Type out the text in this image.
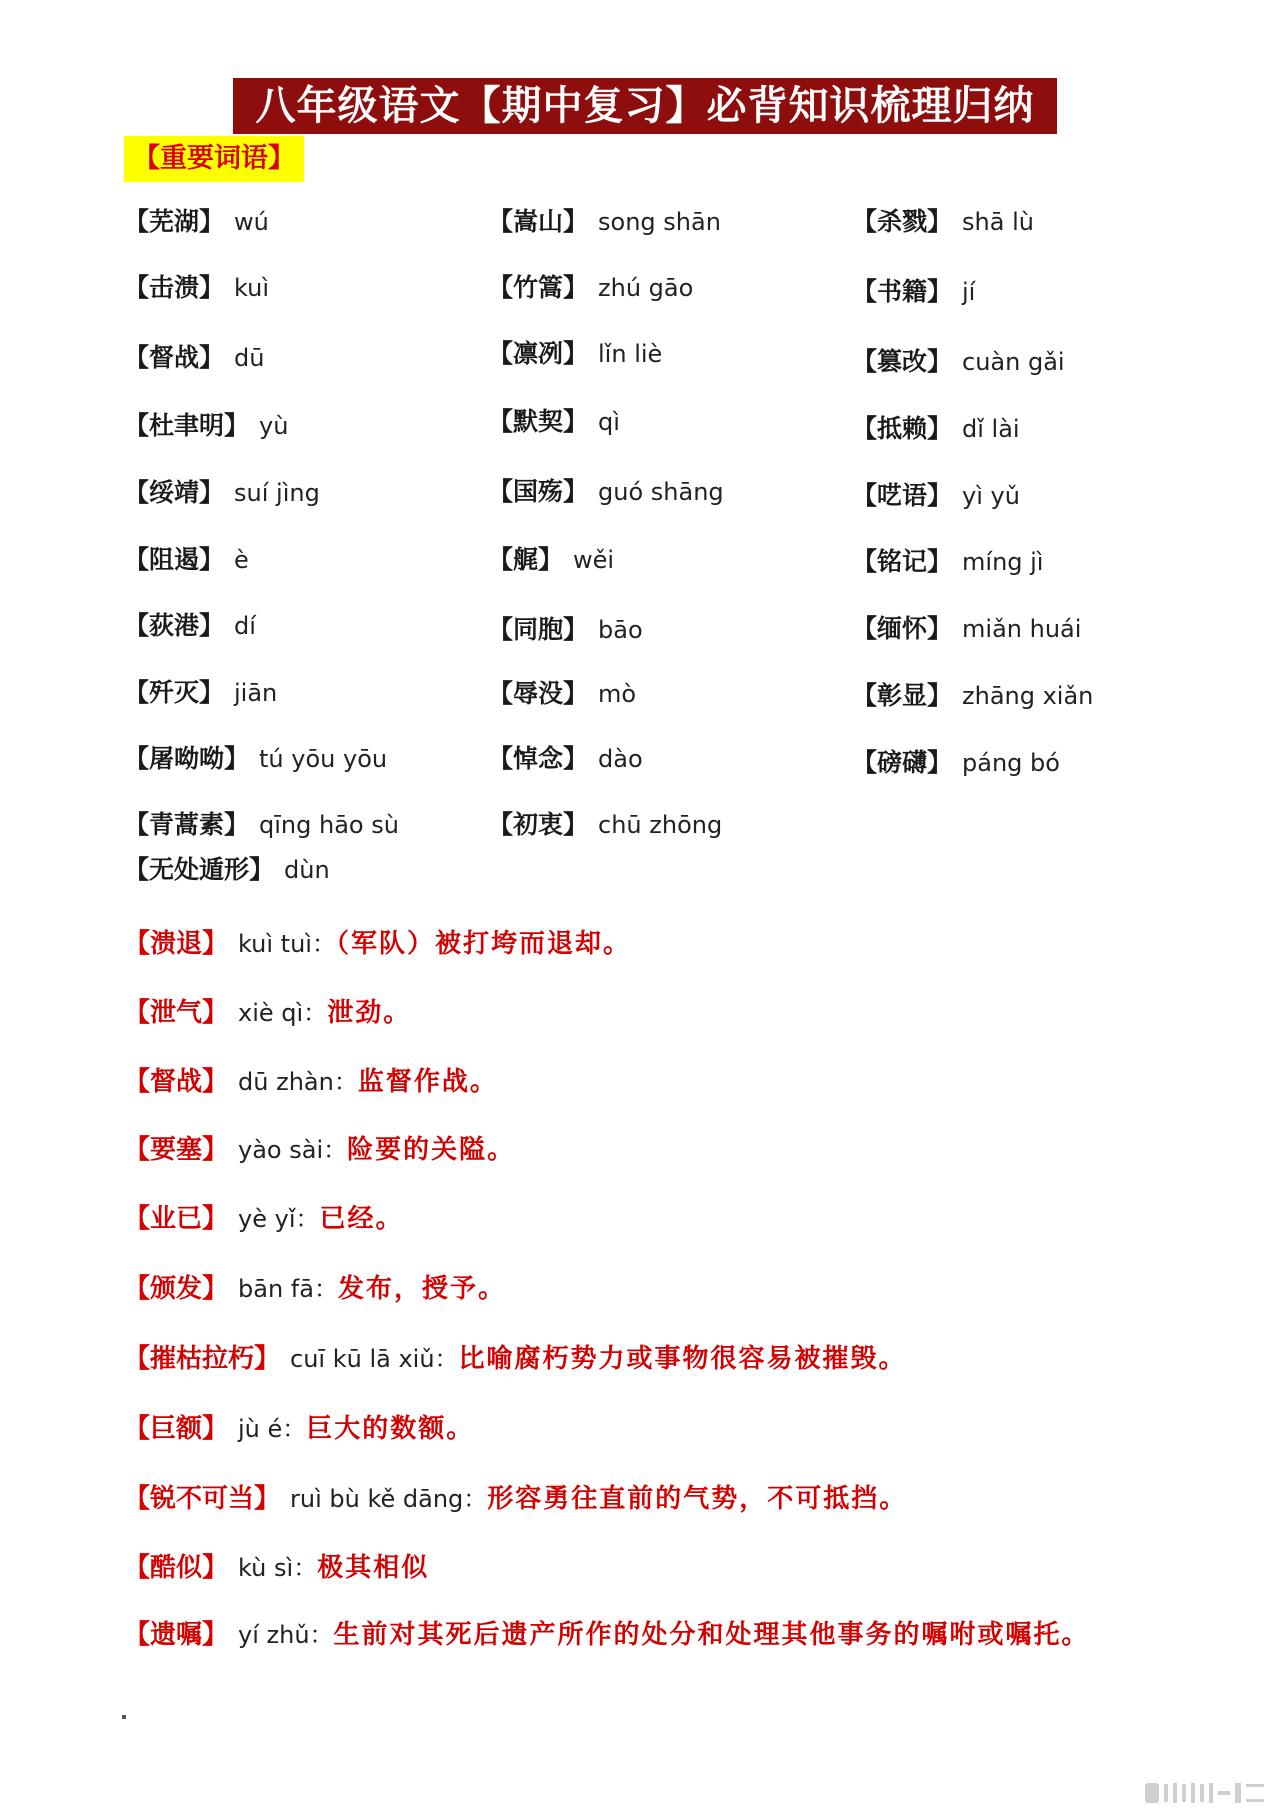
八年级语文【期中复习】必背知识梳理归纳
【重要词语】
【芜湖】 wú
【击溃】 kuì
【督战】 dū
【杜聿明】 yù
【绥靖】 suí jìng
【阻遏】 è
【荻港】 dí
【歼灭】 jiān
【屠呦呦】 tú yōu yōu
【青蒿素】 qīng hāo sù
【无处遁形】 dùn
【嵩山】 song shān
【竹篙】 zhú gāo
【凛冽】 lǐn liè
【默契】 qì
【国殇】 guó shāng
【艉】 wěi
【同胞】 bāo
【辱没】 mò
【悼念】 dào
【初衷】 chū zhōng
【杀戮】 shā lù
【书籍】 jí
【篡改】 cuàn gǎi
【抵赖】 dǐ lài
【呓语】 yì yǔ
【铭记】 míng jì
【缅怀】 miǎn huái
【彰显】 zhāng xiǎn
【磅礴】 páng bó
【溃退】 kuì tuì：（军队）被打垮而退却。
【泄气】 xiè qì：泄劲。
【督战】 dū zhàn：监督作战。
【要塞】 yào sài：险要的关隘。
【业已】 yè yǐ：已经。
【颁发】 bān fā：发布，授予。
【摧枯拉朽】 cuī kū lā xiǔ：比喻腐朽势力或事物很容易被摧毁。
【巨额】 jù é：巨大的数额。
【锐不可当】 ruì bù kě dāng：形容勇往直前的气势，不可抵挡。
【酷似】 kù sì：极其相似
【遗嘱】 yí zhǔ：生前对其死后遗产所作的处分和处理其他事务的嘱咐或嘱托。
